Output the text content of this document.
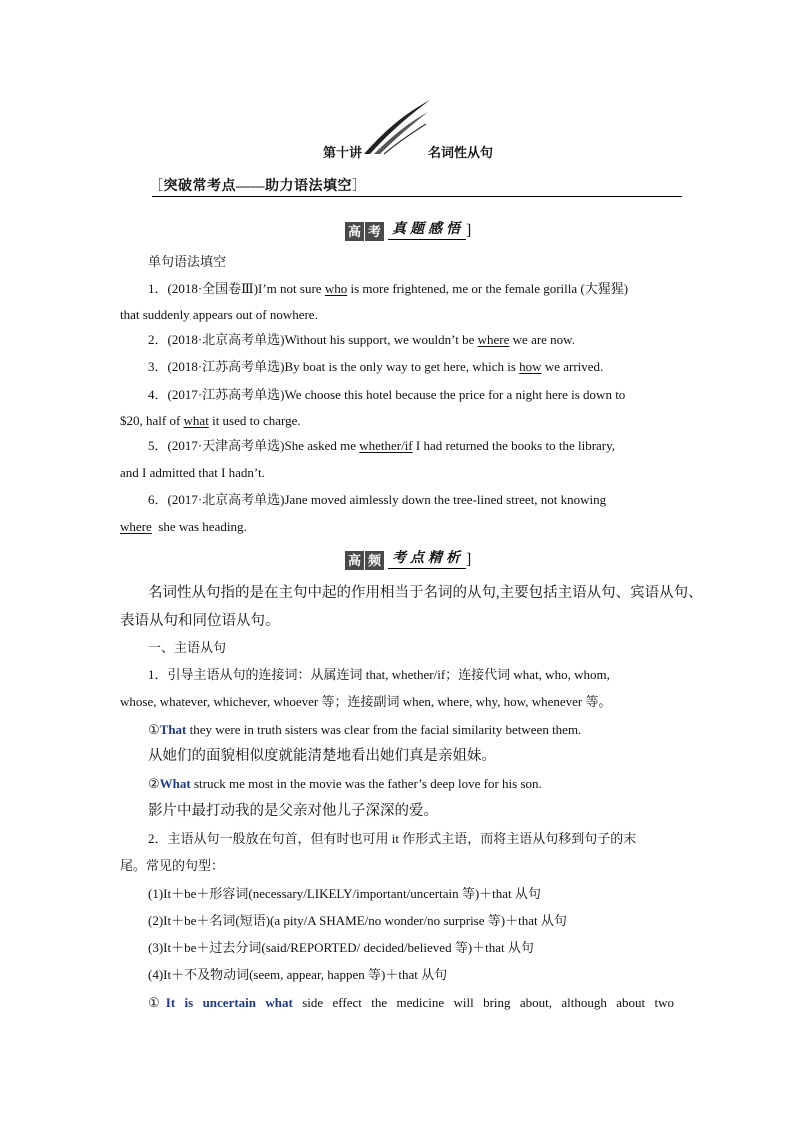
第十讲	名词性从句
［突破常考点——助力语法填空］
高 考 真题感悟 ]
单句语法填空
1．(2018·全国卷Ⅲ)I’m not sure who is more frightened, me or the female gorilla (大猩猩)
that suddenly appears out of nowhere.
2．(2018·北京高考单选)Without his support, we wouldn’t be where we are now.
3．(2018·江苏高考单选)By boat is the only way to get here, which is how we arrived.
4．(2017·江苏高考单选)We choose this hotel because the price for a night here is down to
$20, half of what it used to charge.
5．(2017·天津高考单选)She asked me whether/if I had returned the books to the library,
and I admitted that I hadn’t.
6．(2017·北京高考单选)Jane moved aimlessly down the tree-lined street, not knowing
where  she was heading.
高 频 考点精析 ]
名词性从句指的是在主句中起的作用相当于名词的从句,主要包括主语从句、宾语从句、
表语从句和同位语从句。
一、主语从句
1．引导主语从句的连接词：从属连词 that, whether/if；连接代词 what, who, whom,
whose, whatever, whichever, whoever 等；连接副词 when, where, why, how, whenever 等。
①That they were in truth sisters was clear from the facial similarity between them.
从她们的面貌相似度就能清楚地看出她们真是亲姐妹。
②What struck me most in the movie was the father’s deep love for his son.
影片中最打动我的是父亲对他儿子深深的爱。
2．主语从句一般放在句首，但有时也可用 it 作形式主语，而将主语从句移到句子的末
尾。常见的句型：
(1)It＋be＋形容词(necessary/LIKELY/important/uncertain 等)＋that 从句
(2)It＋be＋名词(短语)(a pity/A SHAME/no wonder/no surprise 等)＋that 从句
(3)It＋be＋过去分词(said/REPORTED/ decided/believed 等)＋that 从句
(4)It＋不及物动词(seem, appear, happen 等)＋that 从句
①It is uncertain what side effect the medicine will bring about, although about two
